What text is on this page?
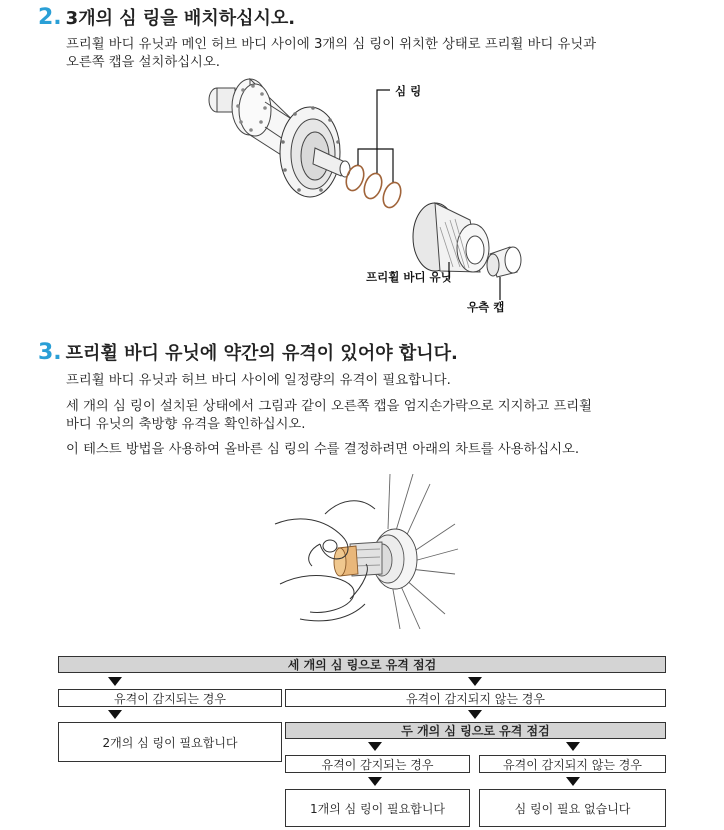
2. 3개의 심 링을 배치하십시오.
프리휠 바디 유닛과 메인 허브 바디 사이에 3개의 심 링이 위치한 상태로 프리휠 바디 유닛과
오른쪽 캡을 설치하십시오.
심 링
프리휠 바디 유닛
우측 캡
3. 프리휠 바디 유닛에 약간의 유격이 있어야 합니다.
프리휠 바디 유닛과 허브 바디 사이에 일정량의 유격이 필요합니다.
세 개의 심 링이 설치된 상태에서 그림과 같이 오른쪽 캡을 엄지손가락으로 지지하고 프리휠
바디 유닛의 축방향 유격을 확인하십시오.
이 테스트 방법을 사용하여 올바른 심 링의 수를 결정하려면 아래의 차트를 사용하십시오.
세 개의 심 링으로 유격 점검
유격이 감지되는 경우	유격이 감지되지 않는 경우
2개의 심 링이 필요합니다
두 개의 심 링으로 유격 점검
유격이 감지되는 경우	유격이 감지되지 않는 경우
1개의 심 링이 필요합니다	심 링이 필요 없습니다
